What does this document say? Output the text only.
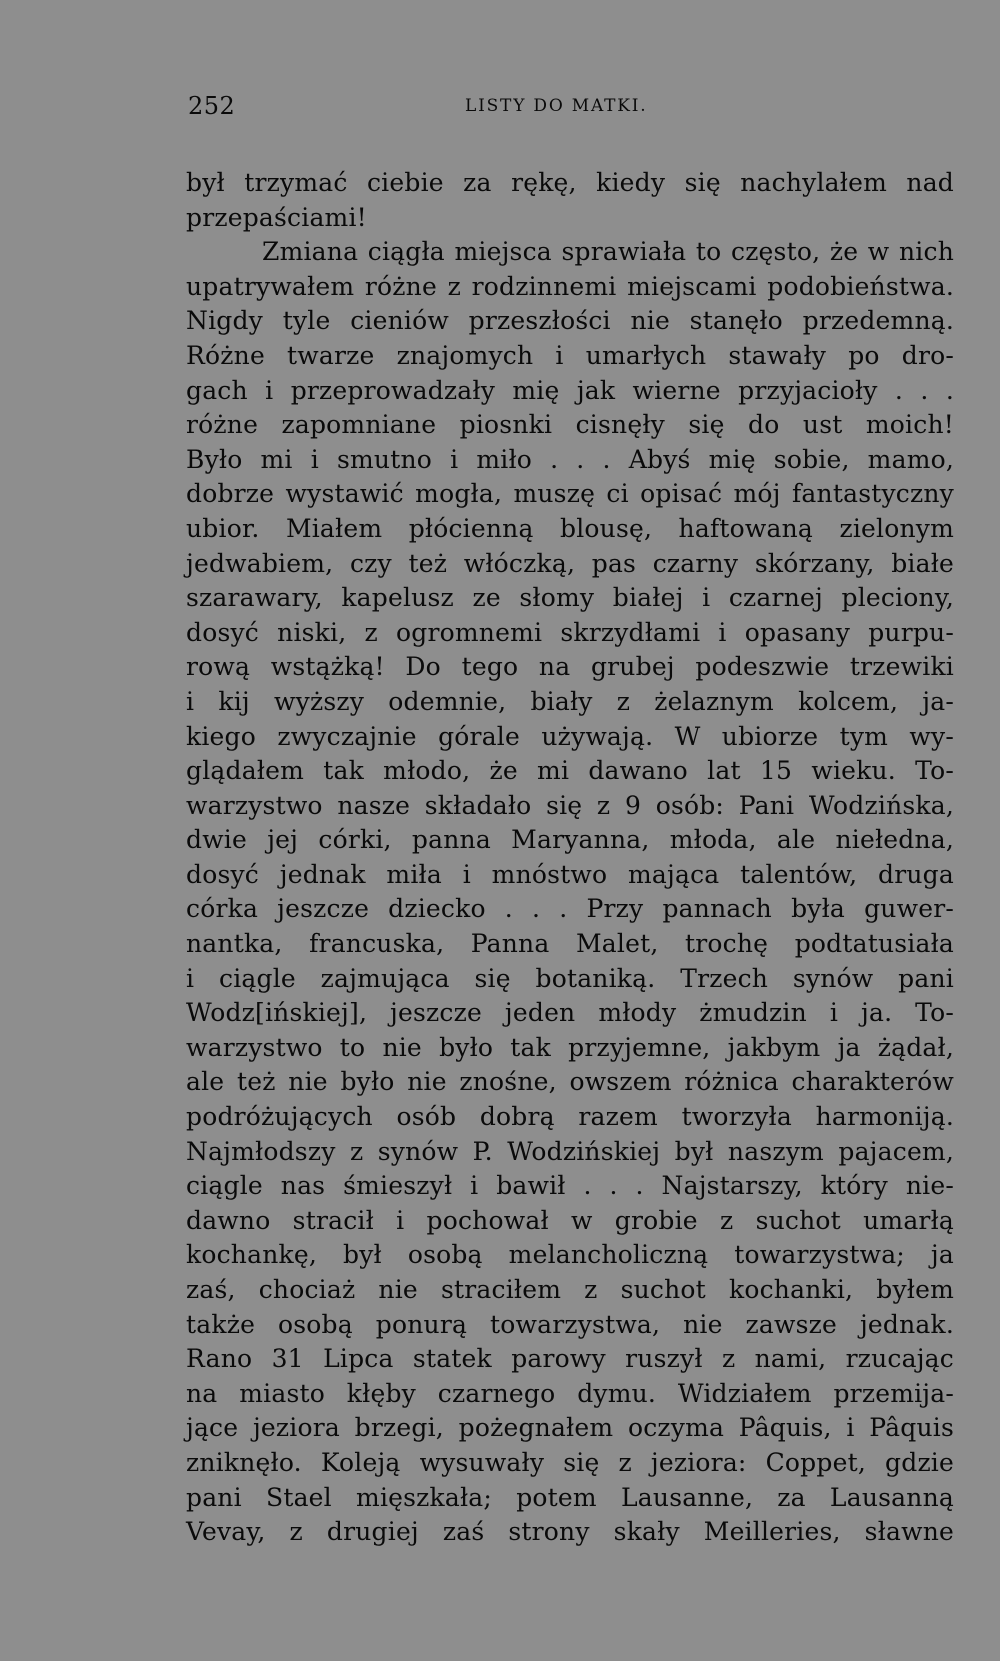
252	LISTY DO MATKI.
był trzymać ciebie za rękę, kiedy się nachylałem nad
przepaściami!
Zmiana ciągła miejsca sprawiała to często, że w nich
upatrywałem różne z rodzinnemi miejscami podobieństwa.
Nigdy tyle cieniów przeszłości nie stanęło przedemną.
Różne twarze znajomych i umarłych stawały po dro-
gach i przeprowadzały mię jak wierne przyjacioły . . .
różne zapomniane piosnki cisnęły się do ust moich!
Było mi i smutno i miło . . . Abyś mię sobie, mamo,
dobrze wystawić mogła, muszę ci opisać mój fantastyczny
ubior. Miałem płócienną blousę, haftowaną zielonym
jedwabiem, czy też włóczką, pas czarny skórzany, białe
szarawary, kapelusz ze słomy białej i czarnej pleciony,
dosyć niski, z ogromnemi skrzydłami i opasany purpu-
rową wstążką! Do tego na grubej podeszwie trzewiki
i kij wyższy odemnie, biały z żelaznym kolcem, ja-
kiego zwyczajnie górale używają. W ubiorze tym wy-
glądałem tak młodo, że mi dawano lat 15 wieku. To-
warzystwo nasze składało się z 9 osób: Pani Wodzińska,
dwie jej córki, panna Maryanna, młoda, ale niełedna,
dosyć jednak miła i mnóstwo mająca talentów, druga
córka jeszcze dziecko . . . Przy pannach była guwer-
nantka, francuska, Panna Malet, trochę podtatusiała
i ciągle zajmująca się botaniką. Trzech synów pani
Wodz[ińskiej], jeszcze jeden młody żmudzin i ja. To-
warzystwo to nie było tak przyjemne, jakbym ja żądał,
ale też nie było nie znośne, owszem różnica charakterów
podróżujących osób dobrą razem tworzyła harmoniją.
Najmłodszy z synów P. Wodzińskiej był naszym pajacem,
ciągle nas śmieszył i bawił . . . Najstarszy, który nie-
dawno stracił i pochował w grobie z suchot umarłą
kochankę, był osobą melancholiczną towarzystwa; ja
zaś, chociaż nie straciłem z suchot kochanki, byłem
także osobą ponurą towarzystwa, nie zawsze jednak.
Rano 31 Lipca statek parowy ruszył z nami, rzucając
na miasto kłęby czarnego dymu. Widziałem przemija-
jące jeziora brzegi, pożegnałem oczyma Pâquis, i Pâquis
zniknęło. Koleją wysuwały się z jeziora: Coppet, gdzie
pani Stael mięszkała; potem Lausanne, za Lausanną
Vevay, z drugiej zaś strony skały Meilleries, sławne
